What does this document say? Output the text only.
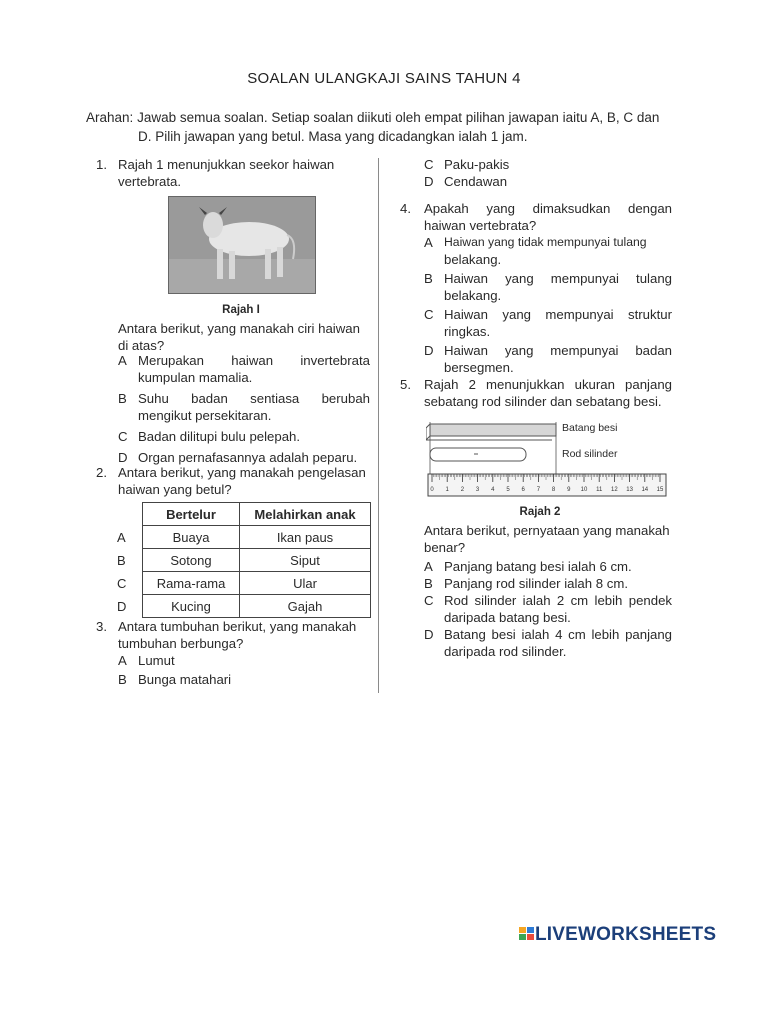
SOALAN ULANGKAJI SAINS TAHUN 4
Arahan: Jawab semua soalan. Setiap soalan diikuti oleh empat pilihan jawapan iaitu A, B, C dan
D. Pilih jawapan yang betul. Masa yang dicadangkan ialah 1 jam.
1. Rajah 1 menunjukkan seekor haiwan
vertebrata.
Rajah I
Antara berikut, yang manakah ciri haiwan
di atas?
A Merupakan haiwan invertebrata
kumpulan mamalia.
B Suhu badan sentiasa berubah
mengikut persekitaran.
C Badan dilitupi bulu pelepah.
D Organ pernafasannya adalah peparu.
2. Antara berikut, yang manakah pengelasan
haiwan yang betul?
	Bertelur	Melahirkan anak
A	Buaya	Ikan paus
B	Sotong	Siput
C	Rama-rama	Ular
D	Kucing	Gajah
3. Antara tumbuhan berikut, yang manakah
tumbuhan berbunga?
A Lumut
B Bunga matahari
C Paku-pakis
D Cendawan
4. Apakah yang dimaksudkan dengan
haiwan vertebrata?
A Haiwan yang tidak mempunyai tulang
belakang.
B Haiwan yang mempunyai tulang
belakang.
C Haiwan yang mempunyai struktur
ringkas.
D Haiwan yang mempunyai badan
bersegmen.
5. Rajah 2 menunjukkan ukuran panjang
sebatang rod silinder dan sebatang besi.
0 1 2 3 4 5 6 7 8 9 10 11 12 13 14 15
Batang besi
Rod silinder
Rajah 2
Antara berikut, pernyataan yang manakah
benar?
A Panjang batang besi ialah 6 cm.
B Panjang rod silinder ialah 8 cm.
C Rod silinder ialah 2 cm lebih pendek
daripada batang besi.
D Batang besi ialah 4 cm lebih panjang
daripada rod silinder.
LIVEWORKSHEETS
